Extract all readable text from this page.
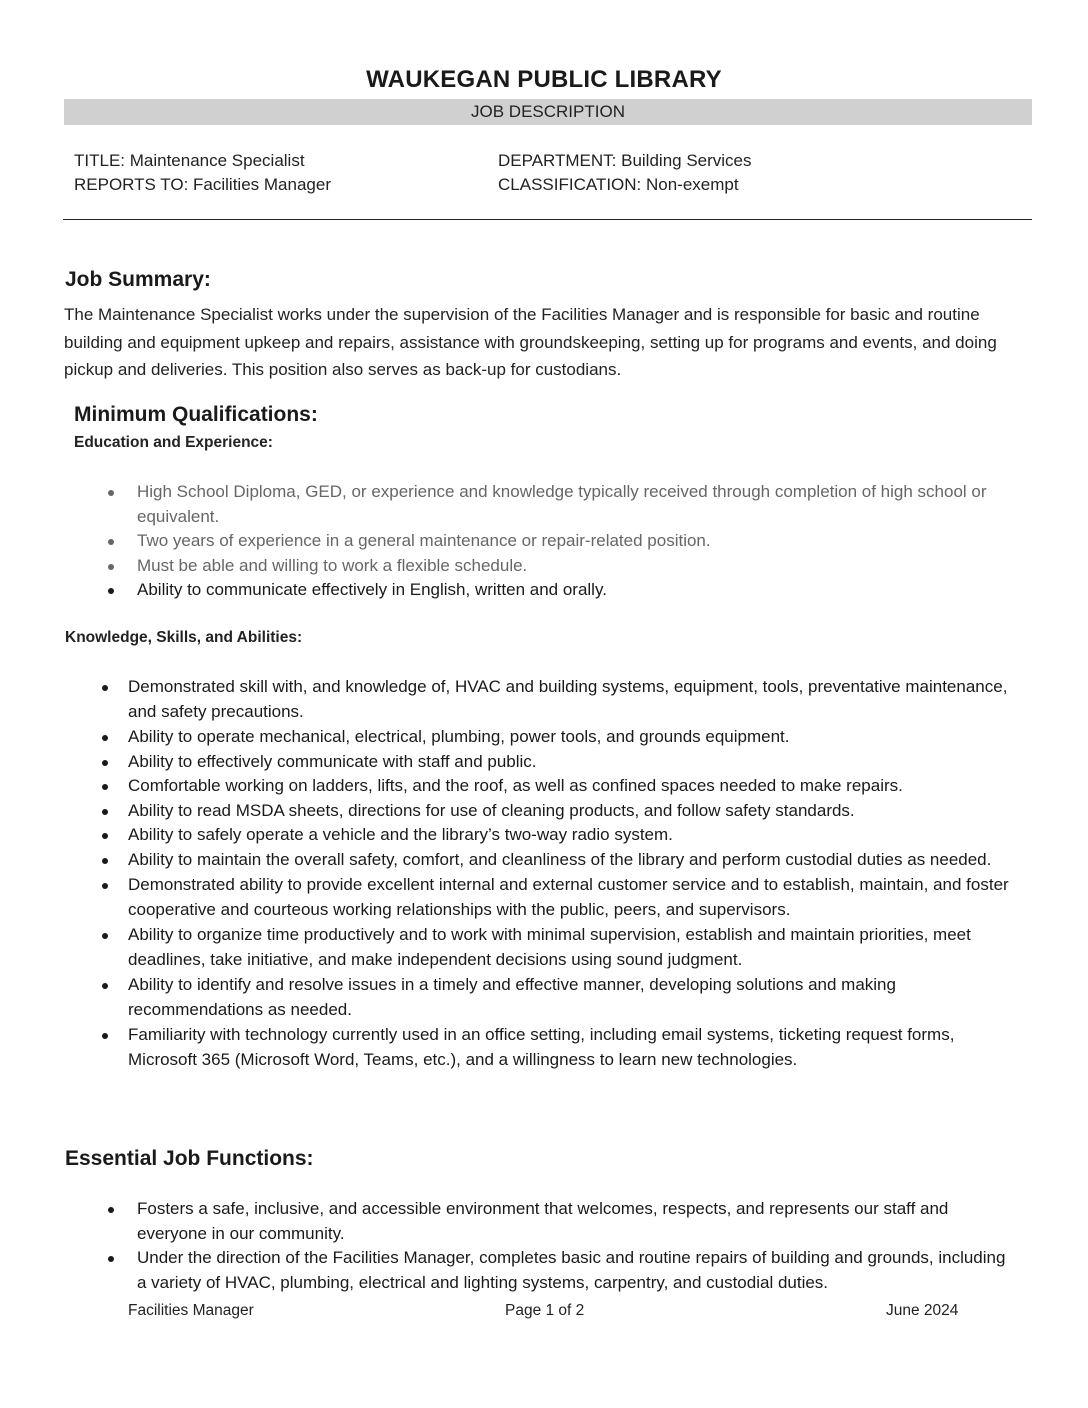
WAUKEGAN PUBLIC LIBRARY
JOB DESCRIPTION
TITLE: Maintenance Specialist
REPORTS TO: Facilities Manager
DEPARTMENT: Building Services
CLASSIFICATION: Non-exempt
Job Summary:
The Maintenance Specialist works under the supervision of the Facilities Manager and is responsible for basic and routine building and equipment upkeep and repairs, assistance with groundskeeping, setting up for programs and events, and doing pickup and deliveries. This position also serves as back-up for custodians.
Minimum Qualifications:
Education and Experience:
High School Diploma, GED, or experience and knowledge typically received through completion of high school or equivalent.
Two years of experience in a general maintenance or repair-related position.
Must be able and willing to work a flexible schedule.
Ability to communicate effectively in English, written and orally.
Knowledge, Skills, and Abilities:
Demonstrated skill with, and knowledge of, HVAC and building systems, equipment, tools, preventative maintenance, and safety precautions.
Ability to operate mechanical, electrical, plumbing, power tools, and grounds equipment.
Ability to effectively communicate with staff and public.
Comfortable working on ladders, lifts, and the roof, as well as confined spaces needed to make repairs.
Ability to read MSDA sheets, directions for use of cleaning products, and follow safety standards.
Ability to safely operate a vehicle and the library’s two-way radio system.
Ability to maintain the overall safety, comfort, and cleanliness of the library and perform custodial duties as needed.
Demonstrated ability to provide excellent internal and external customer service and to establish, maintain, and foster cooperative and courteous working relationships with the public, peers, and supervisors.
Ability to organize time productively and to work with minimal supervision, establish and maintain priorities, meet deadlines, take initiative, and make independent decisions using sound judgment.
Ability to identify and resolve issues in a timely and effective manner, developing solutions and making recommendations as needed.
Familiarity with technology currently used in an office setting, including email systems, ticketing request forms, Microsoft 365 (Microsoft Word, Teams, etc.), and a willingness to learn new technologies.
Essential Job Functions:
Fosters a safe, inclusive, and accessible environment that welcomes, respects, and represents our staff and everyone in our community.
Under the direction of the Facilities Manager, completes basic and routine repairs of building and grounds, including a variety of HVAC, plumbing, electrical and lighting systems, carpentry, and custodial duties.
Facilities Manager	Page 1 of 2	June 2024
